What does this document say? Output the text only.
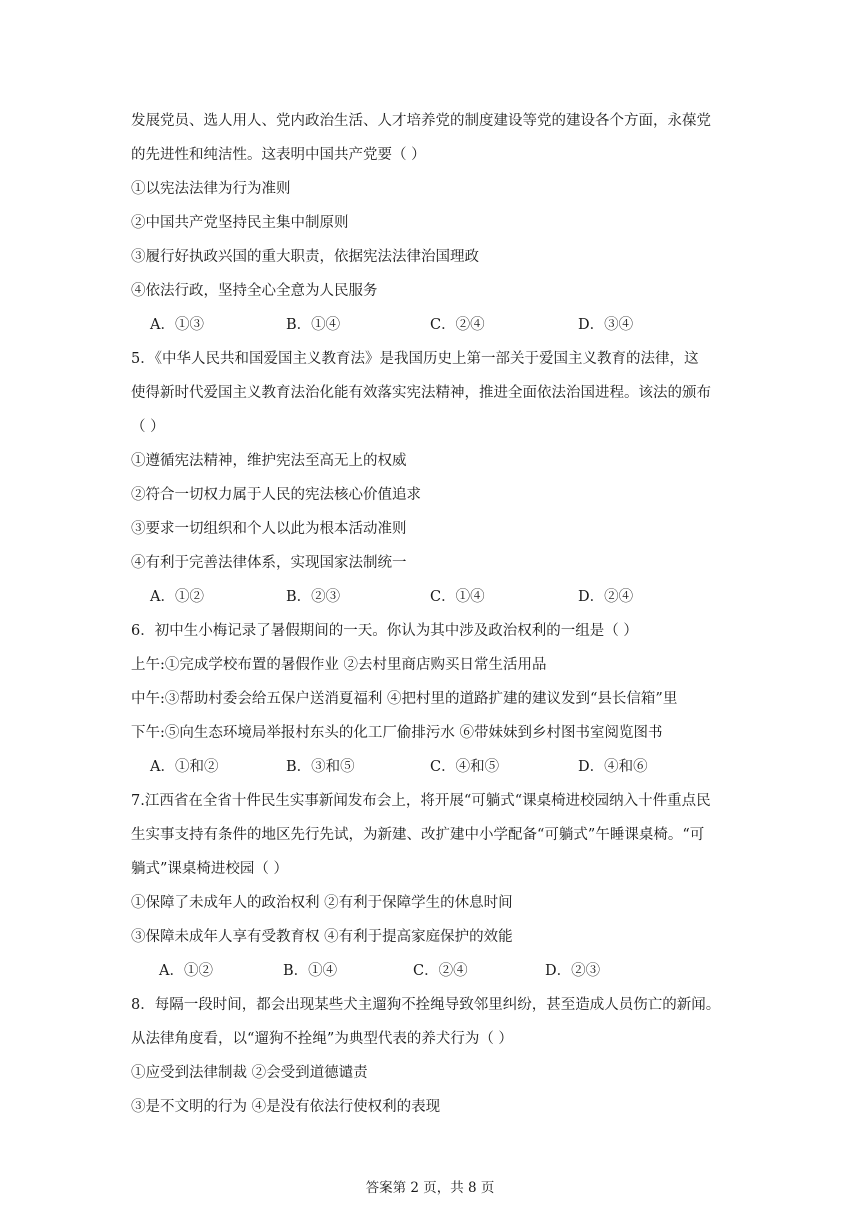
发展党员、选人用人、党内政治生活、人才培养党的制度建设等党的建设各个方面，永葆党
的先进性和纯洁性。这表明中国共产党要（ ）
①以宪法法律为行为准则
②中国共产党坚持民主集中制原则
③履行好执政兴国的重大职责，依据宪法法律治国理政
④依法行政，坚持全心全意为人民服务
A．①③	B．①④	C．②④	D．③④
5．《中华人民共和国爱国主义教育法》是我国历史上第一部关于爱国主义教育的法律，这
使得新时代爱国主义教育法治化能有效落实宪法精神，推进全面依法治国进程。该法的颁布
（ ）
①遵循宪法精神，维护宪法至高无上的权威
②符合一切权力属于人民的宪法核心价值追求
③要求一切组织和个人以此为根本活动准则
④有利于完善法律体系，实现国家法制统一
A．①②	B．②③	C．①④	D．②④
6．初中生小梅记录了暑假期间的一天。你认为其中涉及政治权利的一组是（ ）
上午:①完成学校布置的暑假作业 ②去村里商店购买日常生活用品
中午:③帮助村委会给五保户送消夏福利 ④把村里的道路扩建的建议发到“县长信箱”里
下午:⑤向生态环境局举报村东头的化工厂偷排污水 ⑥带妹妹到乡村图书室阅览图书
A．①和②	B．③和⑤	C．④和⑤	D．④和⑥
7.江西省在全省十件民生实事新闻发布会上，将开展“可躺式“课桌椅进校园纳入十件重点民
生实事支持有条件的地区先行先试，为新建、改扩建中小学配备“可躺式”午睡课桌椅。“可
躺式”课桌椅进校园（ ）
①保障了未成年人的政治权利 ②有利于保障学生的休息时间
③保障未成年人享有受教育权 ④有利于提高家庭保护的效能
A．①②	B．①④	C．②④	D．②③
8．每隔一段时间，都会出现某些犬主遛狗不拴绳导致邻里纠纷，甚至造成人员伤亡的新闻。
从法律角度看，以“遛狗不拴绳”为典型代表的养犬行为（ ）
①应受到法律制裁 ②会受到道德谴责
③是不文明的行为 ④是没有依法行使权利的表现
答案第 2 页，共 8 页
